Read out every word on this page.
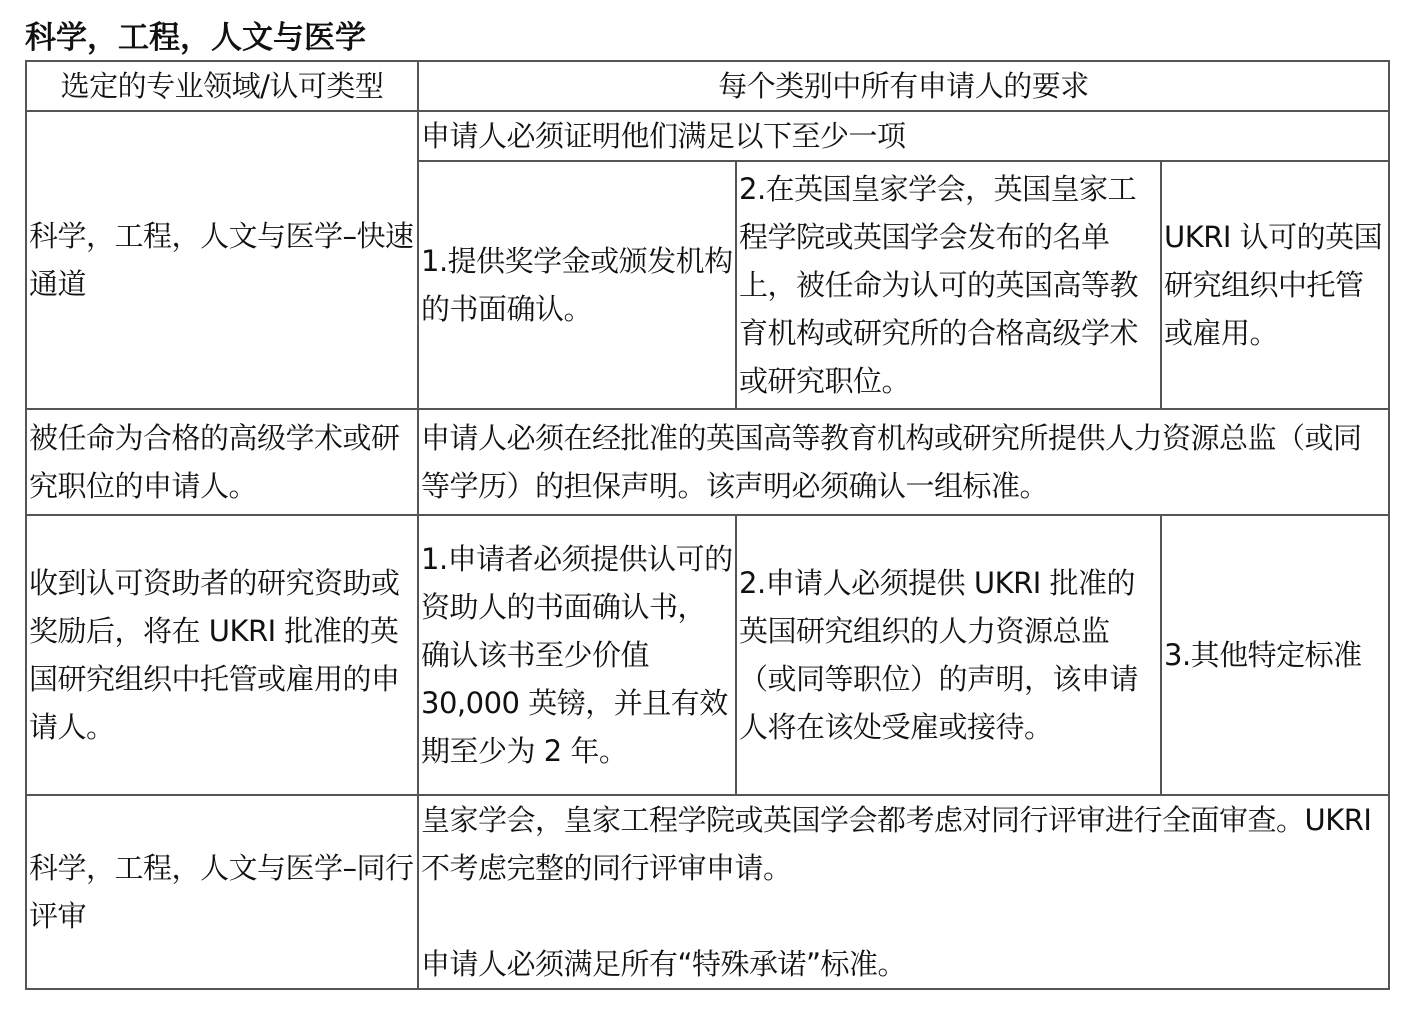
科学，工程，人文与医学
选定的专业领域/认可类型	每个类别中所有申请人的要求		
科学，工程，人文与医学–快速通道	申请人必须证明他们满足以下至少一项		
	1.提供奖学金或颁发机构的书面确认。	2.在英国皇家学会，英国皇家工程学院或英国学会发布的名单上，被任命为认可的英国高等教育机构或研究所的合格高级学术或研究职位。	UKRI 认可的英国研究组织中托管或雇用。
被任命为合格的高级学术或研究职位的申请人。	申请人必须在经批准的英国高等教育机构或研究所提供人力资源总监（或同等学历）的担保声明。该声明必须确认一组标准。		
收到认可资助者的研究资助或奖励后，将在 UKRI 批准的英国研究组织中托管或雇用的申请人。	1.申请者必须提供认可的资助人的书面确认书，确认该书至少价值 30,000 英镑，并且有效期至少为 2 年。	2.申请人必须提供 UKRI 批准的英国研究组织的人力资源总监（或同等职位）的声明，该申请人将在该处受雇或接待。	3.其他特定标准
科学，工程，人文与医学–同行评审	皇家学会，皇家工程学院或英国学会都考虑对同行评审进行全面审查。UKRI 不考虑完整的同行评审申请。
申请人必须满足所有“特殊承诺”标准。		
